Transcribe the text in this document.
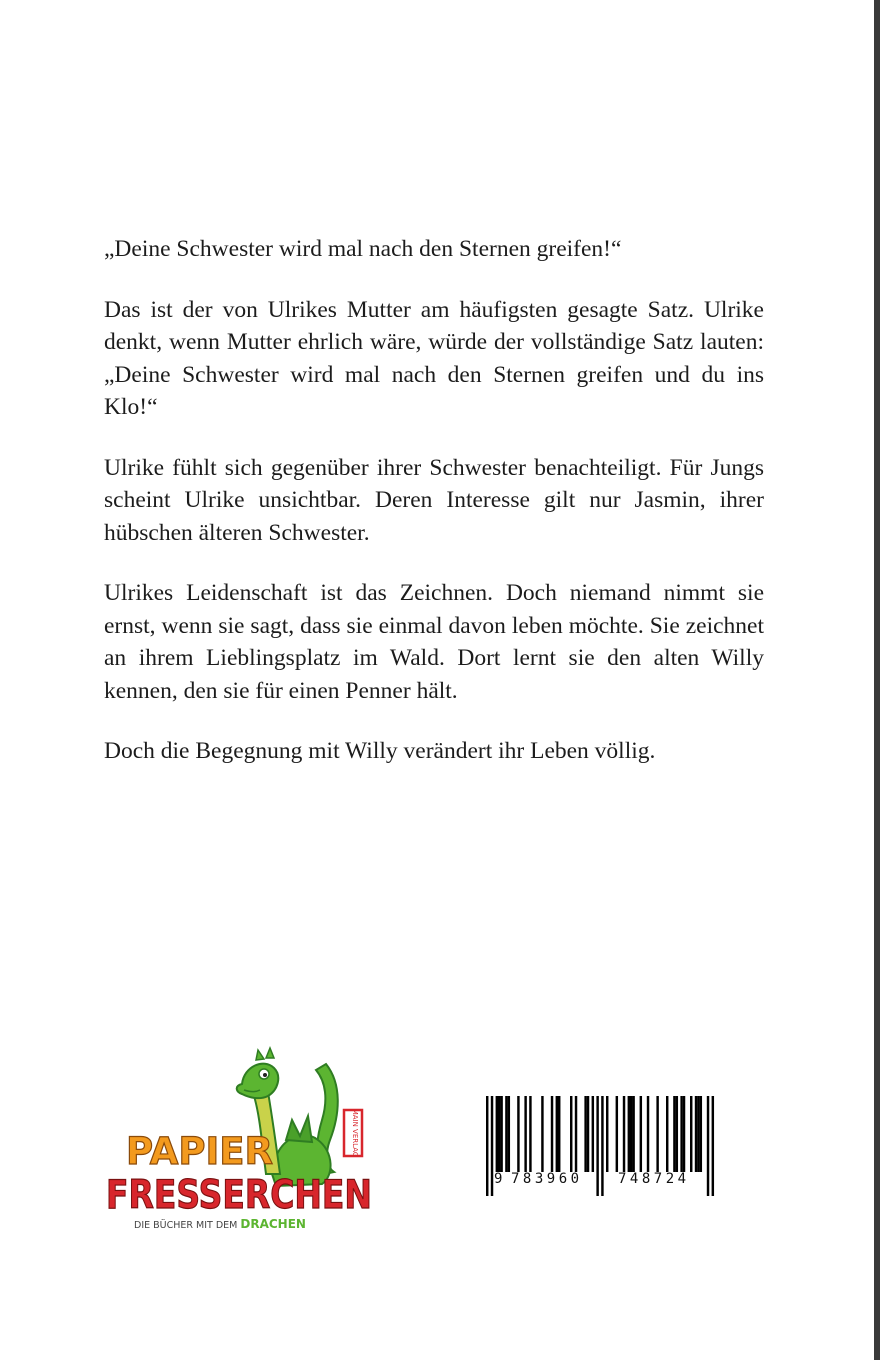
„Deine Schwester wird mal nach den Sternen greifen!“

Das ist der von Ulrikes Mutter am häufigsten gesagte Satz. Ulrike denkt, wenn Mutter ehrlich wäre, würde der vollständige Satz lauten: „Deine Schwester wird mal nach den Sternen greifen und du ins Klo!“

Ulrike fühlt sich gegenüber ihrer Schwester benachteiligt. Für Jungs scheint Ulrike unsichtbar. Deren Interesse gilt nur Jasmin, ihrer hübschen älteren Schwester.

Ulrikes Leidenschaft ist das Zeichnen. Doch niemand nimmt sie ernst, wenn sie sagt, dass sie einmal davon leben möchte. Sie zeichnet an ihrem Lieblingsplatz im Wald. Dort lernt sie den alten Willy kennen, den sie für einen Penner hält.

Doch die Begegnung mit Willy verändert ihr Leben völlig.

MAIN VERLAG
PAPIER
FRESSERCHEN
DIE BÜCHER MIT DEM DRACHEN
9 783960	748724
